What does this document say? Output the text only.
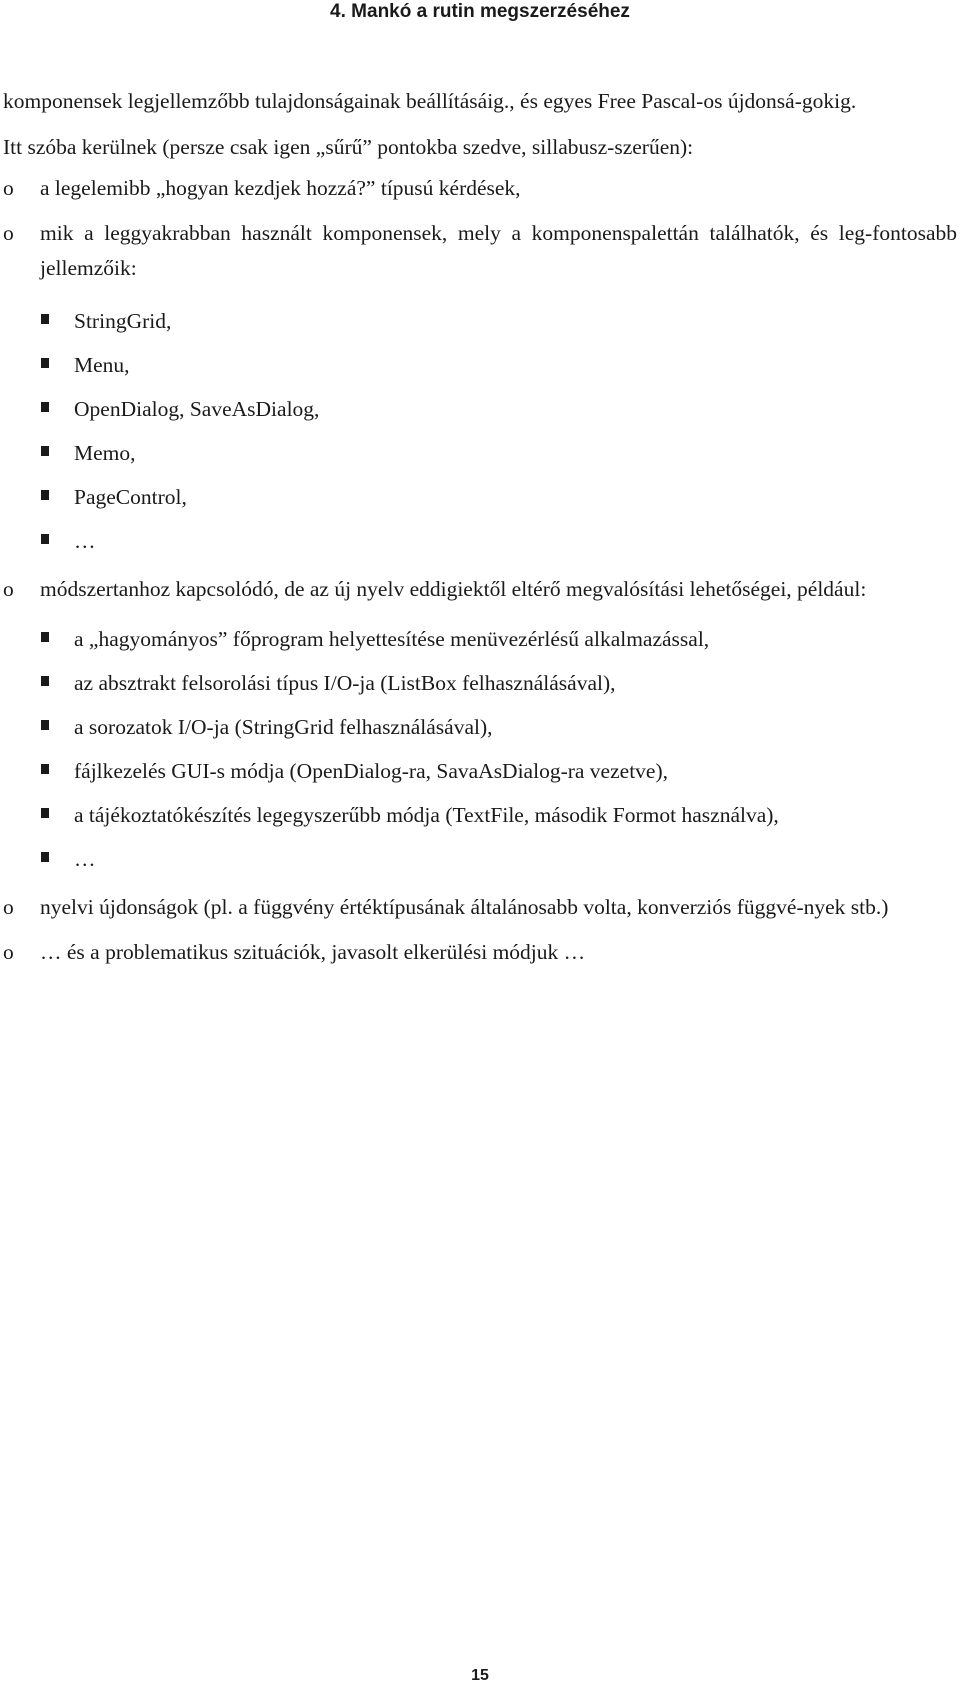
4. Mankó a rutin megszerzéséhez

komponensek legjellemzőbb tulajdonságainak beállításáig., és egyes Free Pascal-os újdonsá-gokig.

Itt szóba kerülnek (persze csak igen „sűrű” pontokba szedve, sillabusz-szerűen):

o	a legelemibb „hogyan kezdjek hozzá?” típusú kérdések,
o	mik a leggyakrabban használt komponensek, mely a komponenspalettán találhatók, és leg-fontosabb jellemzőik:
StringGrid,
Menu,
OpenDialog, SaveAsDialog,
Memo,
PageControl,
…
o	módszertanhoz kapcsolódó, de az új nyelv eddigiektől eltérő megvalósítási lehetőségei, például:
a „hagyományos” főprogram helyettesítése menüvezérlésű alkalmazással,
az absztrakt felsorolási típus I/O-ja (ListBox felhasználásával),
a sorozatok I/O-ja (StringGrid felhasználásával),
fájlkezelés GUI-s módja (OpenDialog-ra, SavaAsDialog-ra vezetve),
a tájékoztatókészítés legegyszerűbb módja (TextFile, második Formot használva),
…
o	nyelvi újdonságok (pl. a függvény értéktípusának általánosabb volta, konverziós függvé-nyek stb.)
o	… és a problematikus szituációk, javasolt elkerülési módjuk …
15
